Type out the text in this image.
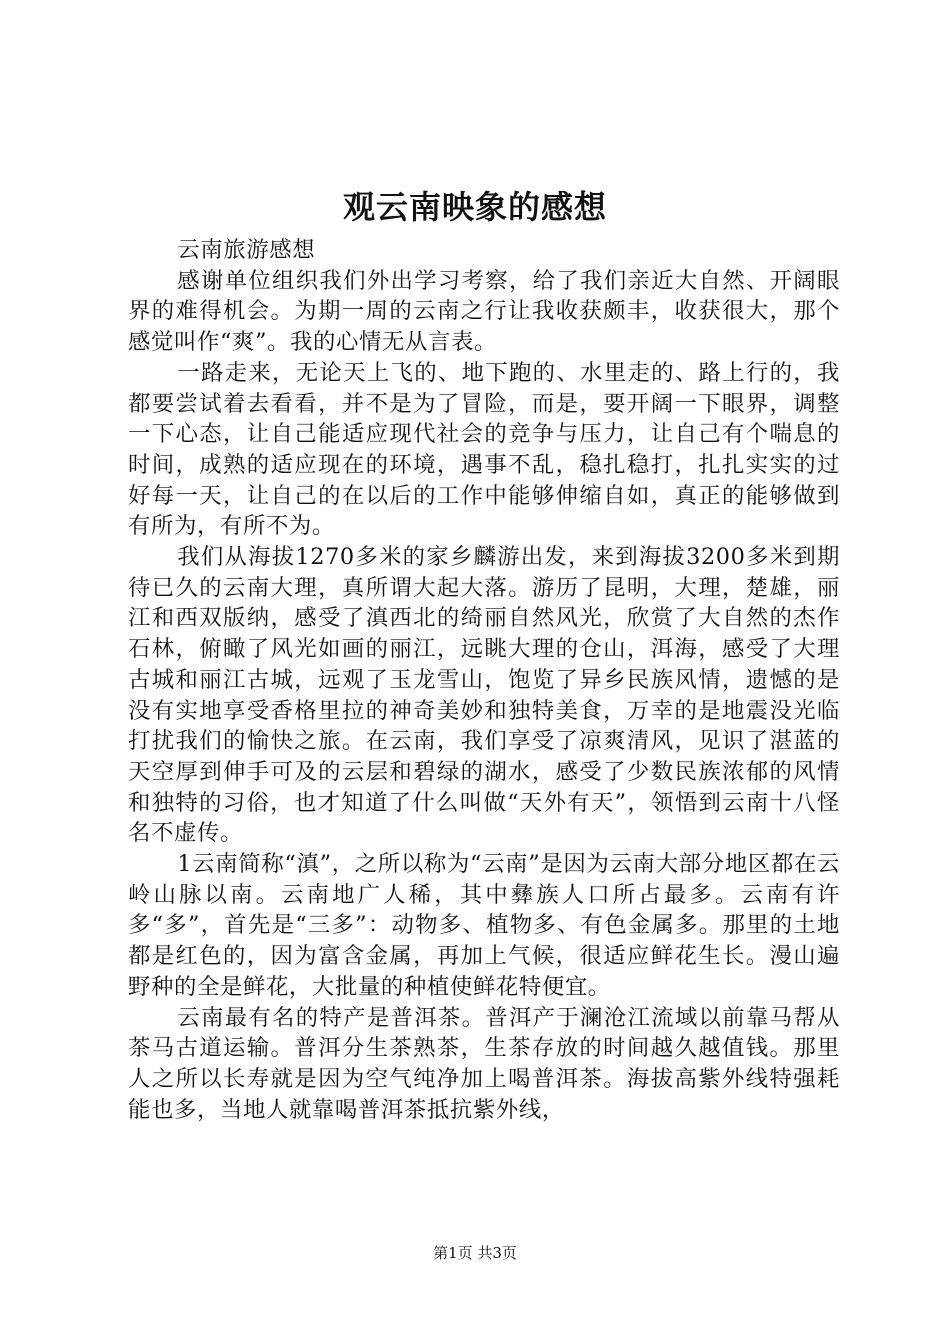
观云南映象的感想

云南旅游感想

感谢单位组织我们外出学习考察，给了我们亲近大自然、开阔眼界的难得机会。为期一周的云南之行让我收获颇丰，收获很大，那个感觉叫作“爽”。我的心情无从言表。

一路走来，无论天上飞的、地下跑的、水里走的、路上行的，我都要尝试着去看看，并不是为了冒险，而是，要开阔一下眼界，调整一下心态，让自己能适应现代社会的竞争与压力，让自己有个喘息的时间，成熟的适应现在的环境，遇事不乱，稳扎稳打，扎扎实实的过好每一天，让自己的在以后的工作中能够伸缩自如，真正的能够做到有所为，有所不为。

我们从海拔1270多米的家乡麟游出发，来到海拔3200多米到期待已久的云南大理，真所谓大起大落。游历了昆明，大理，楚雄，丽江和西双版纳，感受了滇西北的绮丽自然风光，欣赏了大自然的杰作石林，俯瞰了风光如画的丽江，远眺大理的仓山，洱海，感受了大理古城和丽江古城，远观了玉龙雪山，饱览了异乡民族风情，遗憾的是没有实地享受香格里拉的神奇美妙和独特美食，万幸的是地震没光临打扰我们的愉快之旅。在云南，我们享受了凉爽清风，见识了湛蓝的天空厚到伸手可及的云层和碧绿的湖水，感受了少数民族浓郁的风情和独特的习俗，也才知道了什么叫做“天外有天”，领悟到云南十八怪名不虚传。

1云南简称“滇”，之所以称为“云南”是因为云南大部分地区都在云岭山脉以南。云南地广人稀，其中彝族人口所占最多。云南有许多“多”，首先是“三多”：动物多、植物多、有色金属多。那里的土地都是红色的，因为富含金属，再加上气候，很适应鲜花生长。漫山遍野种的全是鲜花，大批量的种植使鲜花特便宜。

云南最有名的特产是普洱茶。普洱产于澜沧江流域以前靠马帮从茶马古道运输。普洱分生茶熟茶，生茶存放的时间越久越值钱。那里人之所以长寿就是因为空气纯净加上喝普洱茶。海拔高紫外线特强耗能也多，当地人就靠喝普洱茶抵抗紫外线，

第1页 共3页
